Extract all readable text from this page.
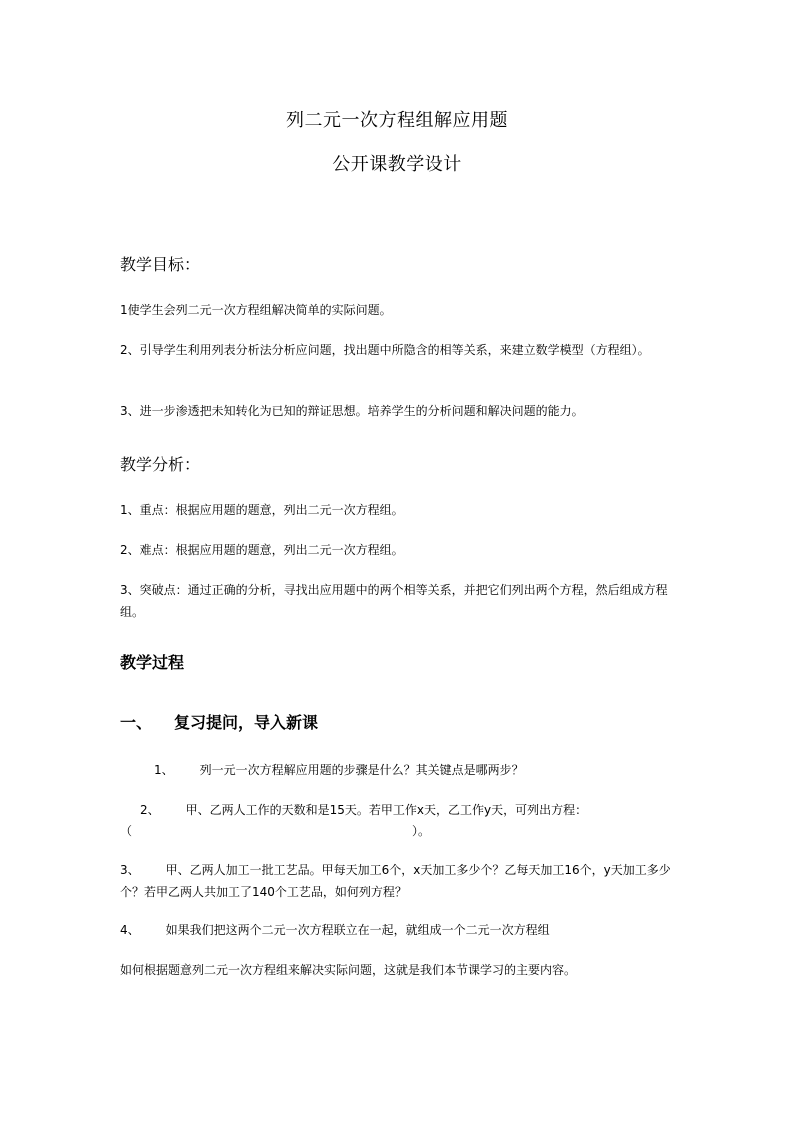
列二元一次方程组解应用题
公开课教学设计
教学目标：
1使学生会列二元一次方程组解决简单的实际问题。
2、引导学生利用列表分析法分析应问题，找出题中所隐含的相等关系，来建立数学模型（方程组）。
3、进一步渗透把未知转化为已知的辩证思想。培养学生的分析问题和解决问题的能力。
教学分析：
1、重点：根据应用题的题意，列出二元一次方程组。
2、难点：根据应用题的题意，列出二元一次方程组。
3、突破点：通过正确的分析，寻找出应用题中的两个相等关系，并把它们列出两个方程，然后组成方程组。
教学过程
一、 复习提问，导入新课
1、 列一元一次方程解应用题的步骤是什么？其关键点是哪两步？
2、 甲、乙两人工作的天数和是15天。若甲工作x天，乙工作y天，可列出方程：
（	）。
3、 甲、乙两人加工一批工艺品。甲每天加工6个，x天加工多少个？乙每天加工16个，y天加工多少个？若甲乙两人共加工了140个工艺品，如何列方程？
4、 如果我们把这两个二元一次方程联立在一起，就组成一个二元一次方程组
如何根据题意列二元一次方程组来解决实际问题，这就是我们本节课学习的主要内容。
